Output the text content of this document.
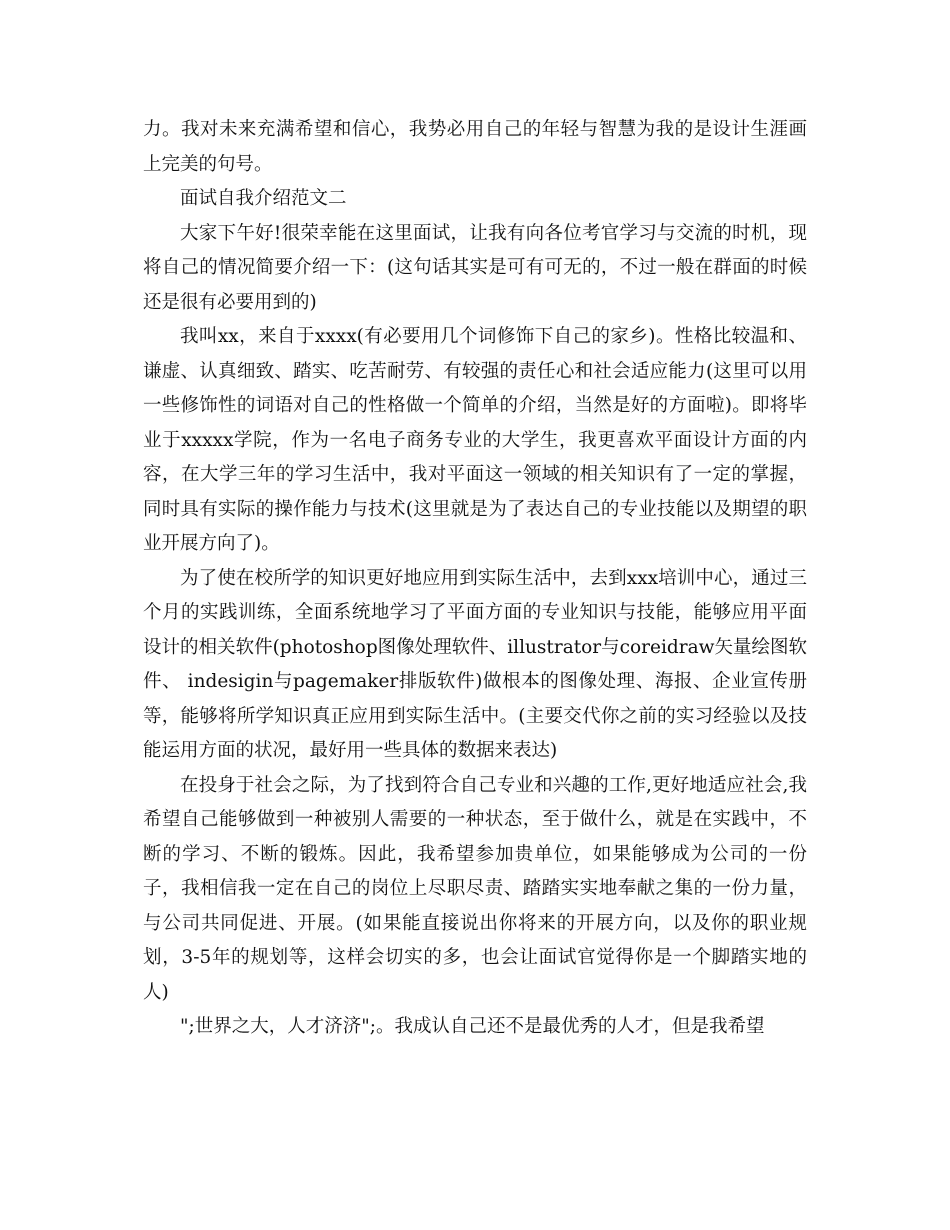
力。我对未来充满希望和信心，我势必用自己的年轻与智慧为我的是设计生涯画上完美的句号。

面试自我介绍范文二

大家下午好!很荣幸能在这里面试，让我有向各位考官学习与交流的时机，现将自己的情况简要介绍一下：(这句话其实是可有可无的，不过一般在群面的时候还是很有必要用到的)

我叫xx，来自于xxxx(有必要用几个词修饰下自己的家乡)。性格比较温和、谦虚、认真细致、踏实、吃苦耐劳、有较强的责任心和社会适应能力(这里可以用一些修饰性的词语对自己的性格做一个简单的介绍，当然是好的方面啦)。即将毕业于xxxxx学院，作为一名电子商务专业的大学生，我更喜欢平面设计方面的内容，在大学三年的学习生活中，我对平面这一领域的相关知识有了一定的掌握，同时具有实际的操作能力与技术(这里就是为了表达自己的专业技能以及期望的职业开展方向了)。

为了使在校所学的知识更好地应用到实际生活中，去到xxx培训中心，通过三个月的实践训练，全面系统地学习了平面方面的专业知识与技能，能够应用平面设计的相关软件(photoshop图像处理软件、illustrator与coreidraw矢量绘图软件、 indesigin与pagemaker排版软件)做根本的图像处理、海报、企业宣传册等，能够将所学知识真正应用到实际生活中。(主要交代你之前的实习经验以及技能运用方面的状况，最好用一些具体的数据来表达)

在投身于社会之际，为了找到符合自己专业和兴趣的工作,更好地适应社会,我希望自己能够做到一种被别人需要的一种状态，至于做什么，就是在实践中，不断的学习、不断的锻炼。因此，我希望参加贵单位，如果能够成为公司的一份子，我相信我一定在自己的岗位上尽职尽责、踏踏实实地奉献之集的一份力量，与公司共同促进、开展。(如果能直接说出你将来的开展方向，以及你的职业规划，3-5年的规划等，这样会切实的多，也会让面试官觉得你是一个脚踏实地的人)

";世界之大，人才济济";。我成认自己还不是最优秀的人才，但是我希望
